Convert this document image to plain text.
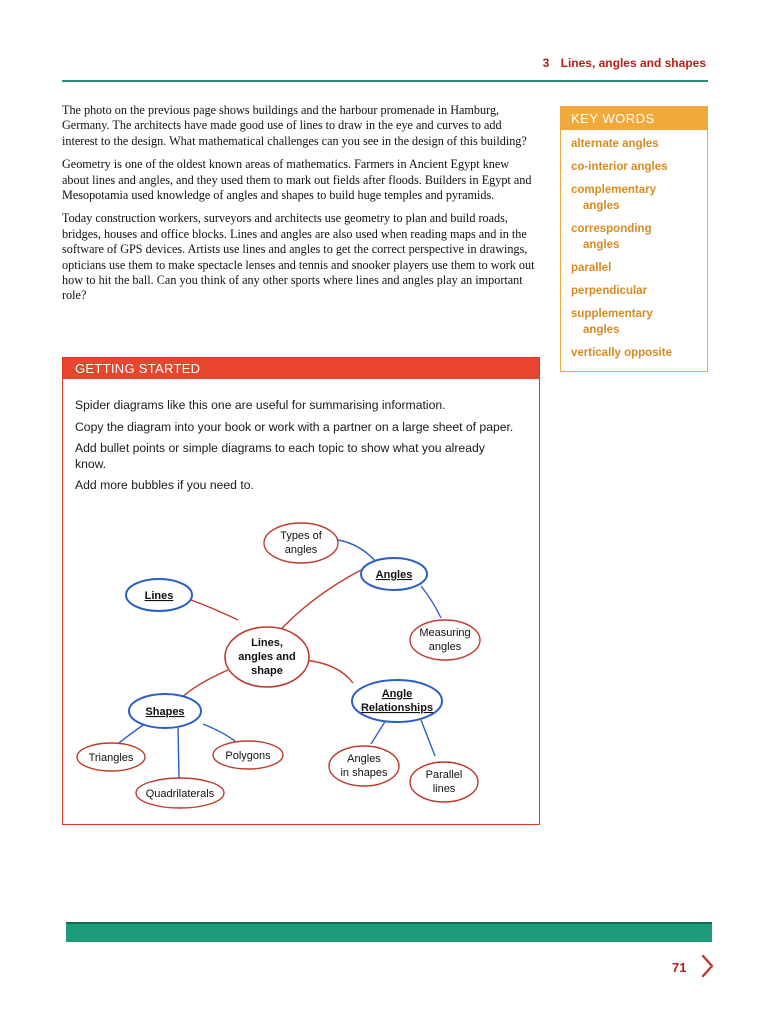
3 Lines, angles and shapes

The photo on the previous page shows buildings and the harbour promenade in Hamburg, Germany. The architects have made good use of lines to draw in the eye and curves to add interest to the design. What mathematical challenges can you see in the design of this building?

Geometry is one of the oldest known areas of mathematics. Farmers in Ancient Egypt knew about lines and angles, and they used them to mark out fields after floods. Builders in Egypt and Mesopotamia used knowledge of angles and shapes to build huge temples and pyramids.

Today construction workers, surveyors and architects use geometry to plan and build roads, bridges, houses and office blocks. Lines and angles are also used when reading maps and in the software of GPS devices. Artists use lines and angles to get the correct perspective in drawings, opticians use them to make spectacle lenses and tennis and snooker players use them to work out how to hit the ball. Can you think of any other sports where lines and angles play an important role?

KEY WORDS
alternate angles
co-interior angles
complementary
angles
corresponding
angles
parallel
perpendicular
supplementary
angles
vertically opposite
GETTING STARTED

Spider diagrams like this one are useful for summarising information.

Copy the diagram into your book or work with a partner on a large sheet of paper.

Add bullet points or simple diagrams to each topic to show what you already know.

Add more bubbles if you need to.

Lines,
angles and
shape
Lines
Angles
Types of
angles
Measuring
angles
Shapes
Angle
Relationships
Triangles	Polygons
Quadrilaterals
Angles
in shapes	Parallel
lines
71
